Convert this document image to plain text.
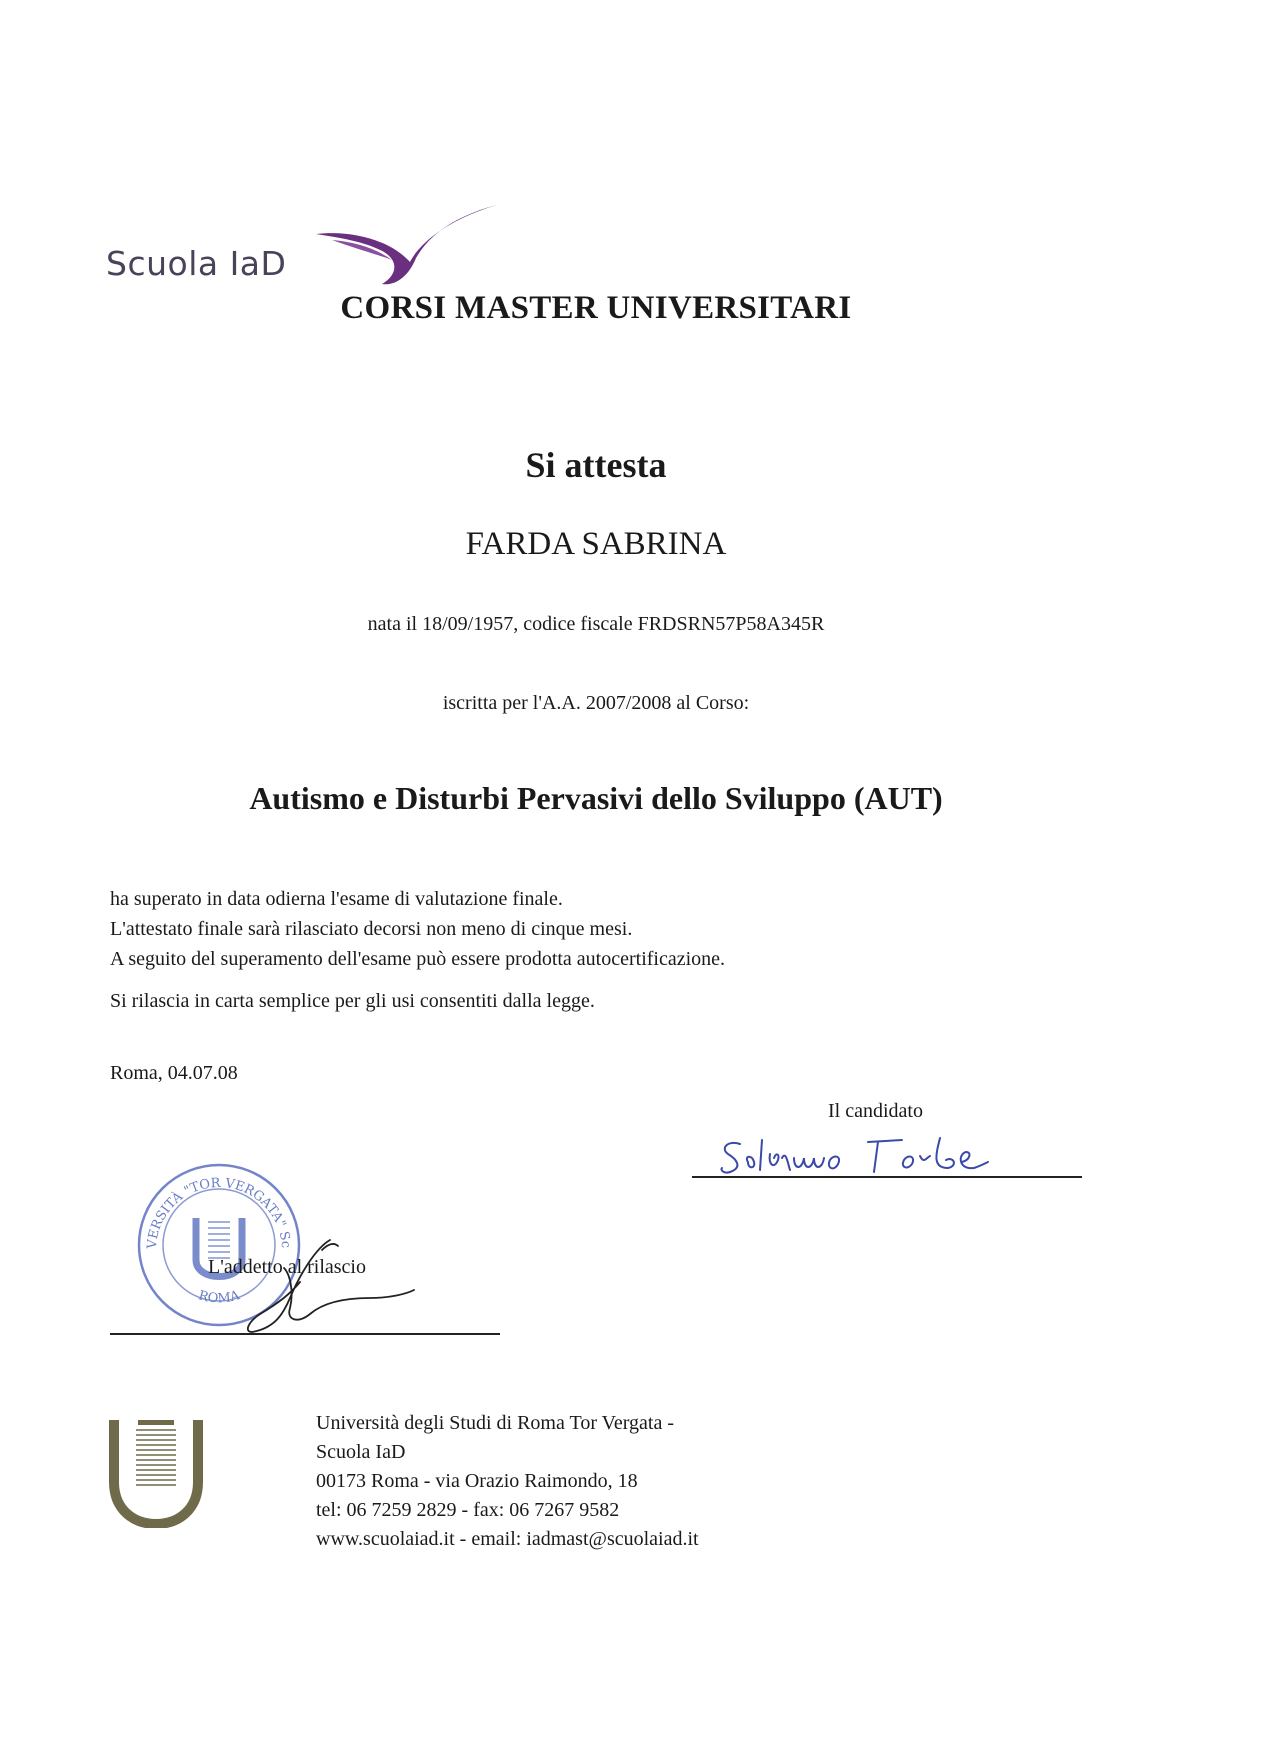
Scuola IaD
CORSI MASTER UNIVERSITARI
Si attesta
FARDA SABRINA
nata il 18/09/1957, codice fiscale FRDSRN57P58A345R
iscritta per l'A.A. 2007/2008 al Corso:
Autismo e Disturbi Pervasivi dello Sviluppo (AUT)
ha superato in data odierna l'esame di valutazione finale.
L'attestato finale sarà rilasciato decorsi non meno di cinque mesi.
A seguito del superamento dell'esame può essere prodotta autocertificazione.
Si rilascia in carta semplice per gli usi consentiti dalla legge.
Roma, 04.07.08
Il candidato
VERSITÀ "TOR VERGATA" Sc
ROMA
L'addetto al rilascio
Università degli Studi di Roma Tor Vergata -
Scuola IaD
00173 Roma - via Orazio Raimondo, 18
tel: 06 7259 2829 - fax: 06 7267 9582
www.scuolaiad.it - email: iadmast@scuolaiad.it
